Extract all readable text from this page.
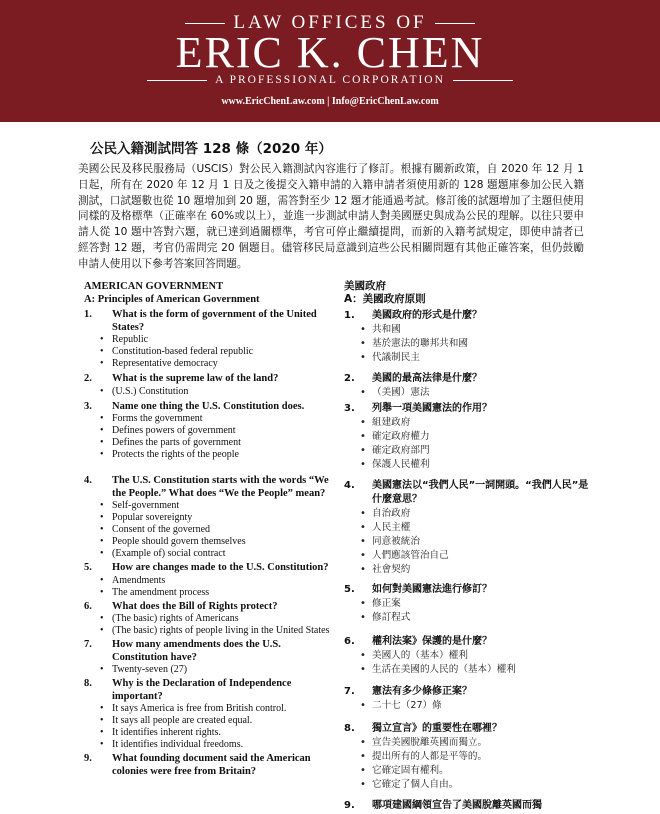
LAW OFFICES OF
ERIC K. CHEN
A PROFESSIONAL CORPORATION
www.EricChenLaw.com | Info@EricChenLaw.com
公民入籍測試問答 128 條（2020 年）
美國公民及移民服務局（USCIS）對公民入籍測試內容進行了修訂。根據有關新政策，自 2020 年 12 月 1 日起，所有在 2020 年 12 月 1 日及之後提交入籍申請的入籍申請者須使用新的 128 題題庫參加公民入籍測試，口試題數也從 10 題增加到 20 題，需答對至少 12 題才能通過考試。修訂後的試題增加了主題但使用同樣的及格標準（正確率在 60%或以上），並進一步測試申請人對美國歷史與成為公民的理解。以往只要申請人從 10 題中答對六題，就已達到過關標準，考官可停止繼續提問，而新的入籍考試規定，即使申請者已經答對 12 題，考官仍需問完 20 個題目。儘管移民局意識到這些公民相關問題有其他正確答案，但仍鼓勵申請人使用以下參考答案回答問題。
AMERICAN GOVERNMENT
A: Principles of American Government
1. What is the form of government of the United States?
• Republic
• Constitution-based federal republic
• Representative democracy
2. What is the supreme law of the land?
• (U.S.) Constitution
3. Name one thing the U.S. Constitution does.
• Forms the government
• Defines powers of government
• Defines the parts of government
• Protects the rights of the people
4. The U.S. Constitution starts with the words “We the People.” What does “We the People” mean?
• Self-government
• Popular sovereignty
• Consent of the governed
• People should govern themselves
• (Example of) social contract
5. How are changes made to the U.S. Constitution?
• Amendments
• The amendment process
6. What does the Bill of Rights protect?
• (The basic) rights of Americans
• (The basic) rights of people living in the United States
7. How many amendments does the U.S. Constitution have?
• Twenty-seven (27)
8. Why is the Declaration of Independence important?
• It says America is free from British control.
• It says all people are created equal.
• It identifies inherent rights.
• It identifies individual freedoms.
9. What founding document said the American colonies were free from Britain?
美國政府
A：美國政府原則
1. 美國政府的形式是什麼？
• 共和國
• 基於憲法的聯邦共和國
• 代議制民主
2. 美國的最高法律是什麼？
• （美國）憲法
3. 列舉一項美國憲法的作用？
• 組建政府
• 確定政府權力
• 確定政府部門
• 保護人民權利
4. 美國憲法以“我們人民”一詞開頭。“我們人民”是什麼意思？
• 自治政府
• 人民主權
• 同意被統治
• 人們應該管治自己
• 社會契約
5. 如何對美國憲法進行修訂？
• 修正案
• 修訂程式
6. 權利法案》保護的是什麼？
• 美國人的（基本）權利
• 生活在美國的人民的（基本）權利
7. 憲法有多少條修正案？
• 二十七（27）條
8. 獨立宣言》的重要性在哪裡？
• 宣告美國脫離英國而獨立。
• 提出所有的人都是平等的。
• 它確定固有權利。
• 它確定了個人自由。
9. 哪項建國綱領宣告了美國脫離英國而獨
